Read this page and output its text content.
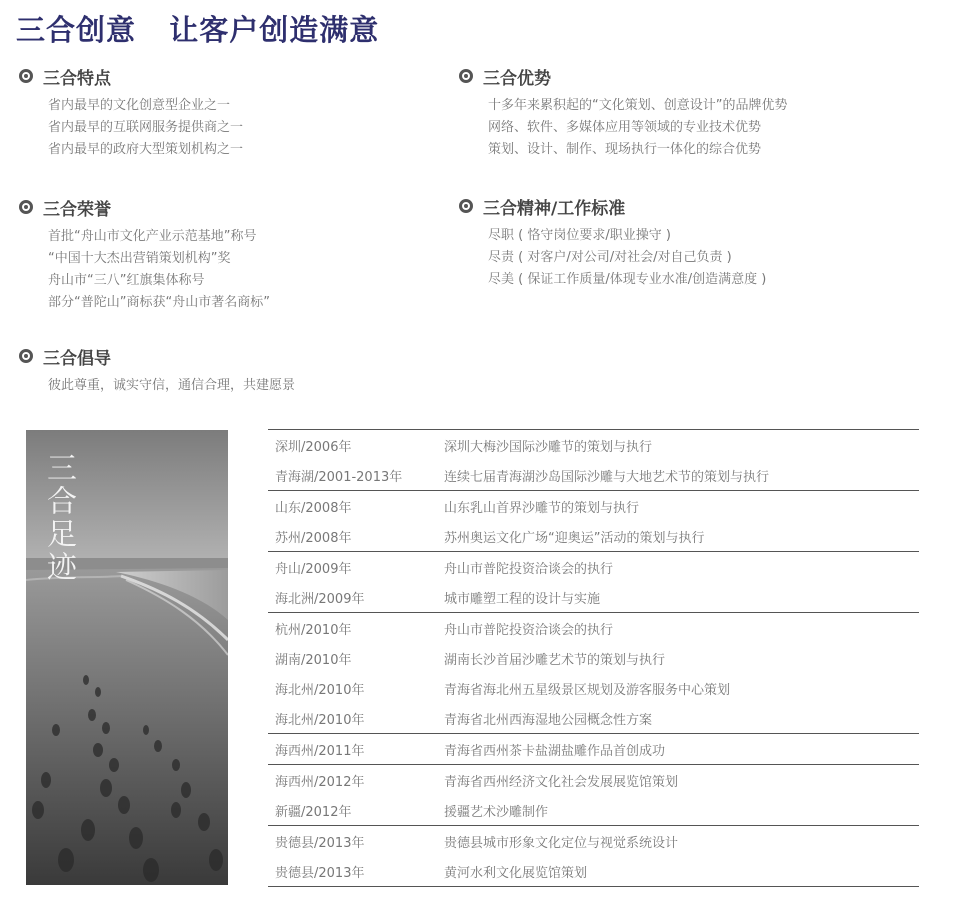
三合创意   让客户创造满意
三合特点
省内最早的文化创意型企业之一
省内最早的互联网服务提供商之一
省内最早的政府大型策划机构之一
三合优势
十多年来累积起的“文化策划、创意设计”的品牌优势
网络、软件、多媒体应用等领域的专业技术优势
策划、设计、制作、现场执行一体化的综合优势
三合荣誉
首批“舟山市文化产业示范基地”称号
“中国十大杰出营销策划机构”奖
舟山市“三八”红旗集体称号
部分“普陀山”商标获“舟山市著名商标”
三合精神/工作标准
尽职 ( 恪守岗位要求/职业操守 )
尽责 ( 对客户/对公司/对社会/对自己负责 )
尽美 ( 保证工作质量/体现专业水准/创造满意度 )
三合倡导
彼此尊重，诚实守信，通信合理，共建愿景
三合足迹
深圳/2006年	深圳大梅沙国际沙雕节的策划与执行
青海湖/2001-2013年	连续七届青海湖沙岛国际沙雕与大地艺术节的策划与执行
山东/2008年	山东乳山首界沙雕节的策划与执行
苏州/2008年	苏州奥运文化广场“迎奥运”活动的策划与执行
舟山/2009年	舟山市普陀投资洽谈会的执行
海北洲/2009年	城市雕塑工程的设计与实施
杭州/2010年	舟山市普陀投资洽谈会的执行
湖南/2010年	湖南长沙首届沙雕艺术节的策划与执行
海北州/2010年	青海省海北州五星级景区规划及游客服务中心策划
海北州/2010年	青海省北州西海湿地公园概念性方案
海西州/2011年	青海省西州茶卡盐湖盐雕作品首创成功
海西州/2012年	青海省西州经济文化社会发展展览馆策划
新疆/2012年	援疆艺术沙雕制作
贵德县/2013年	贵德县城市形象文化定位与视觉系统设计
贵德县/2013年	黄河水利文化展览馆策划
